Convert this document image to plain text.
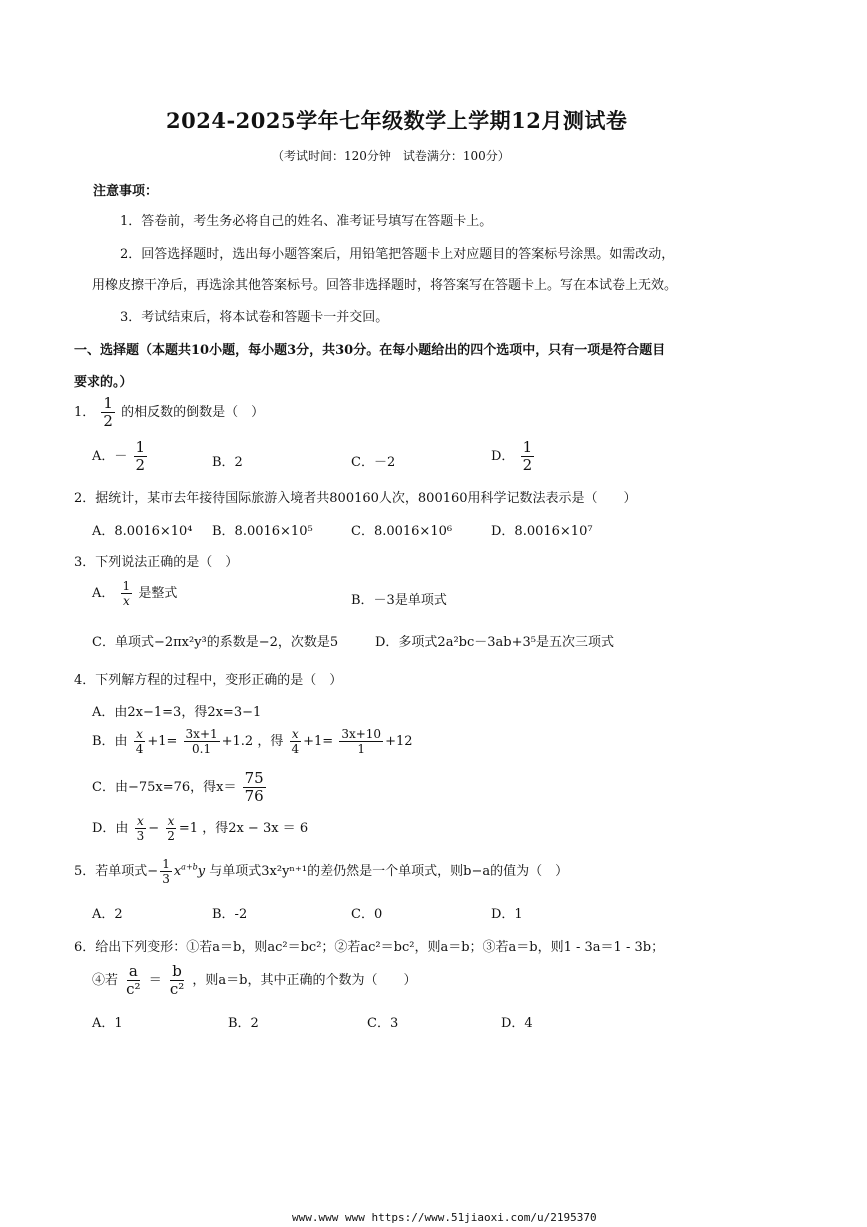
2024-2025学年七年级数学上学期12月测试卷
（考试时间：120分钟　试卷满分：100分）
注意事项：
1．答卷前，考生务必将自己的姓名、准考证号填写在答题卡上。
2．回答选择题时，选出每小题答案后，用铅笔把答题卡上对应题目的答案标号涂黑。如需改动，
用橡皮擦干净后，再选涂其他答案标号。回答非选择题时，将答案写在答题卡上。写在本试卷上无效。
3．考试结束后，将本试卷和答题卡一并交回。
一、选择题（本题共10小题，每小题3分，共30分。在每小题给出的四个选项中，只有一项是符合题目
要求的。）
1． $\frac{1}{2}$ 的相反数的倒数是（　）
A．－ $\frac{1}{2}$	B．2	C．－2	D． $\frac{1}{2}$
2．据统计，某市去年接待国际旅游入境者共800160人次，800160用科学记数法表示是（　　）
A．8.0016×10⁴ B．8.0016×10⁵	C．8.0016×10⁶	D．8.0016×10⁷
3．下列说法正确的是（　）
A． $\frac{1}{x}$ 是整式	B．－3是单项式
C．单项式−2πx²y³的系数是−2，次数是5	D．多项式2a²bc－3ab+3⁵是五次三项式
4．下列解方程的过程中，变形正确的是（　）
A．由2x−1=3，得2x=3−1
B．由 $\frac{x}{4} +1= \frac{3x+1}{0.1} +1.2$ ，得 $\frac{x}{4} +1= \frac{3x+10}{1} +12$
C．由−75x=76，得$x= \frac{75}{76}$
D．由 $\frac{x}{3} - \frac{x}{2} =1$ ，得2x − 3x ＝ 6
5．若单项式− $\frac{1}{3} x^{a+b}y$ 与单项式3x²yⁿ⁺¹的差仍然是一个单项式，则b−a的值为（　）
A．2	B．-2	C．0	D．1
6．给出下列变形：①若a＝b，则ac²＝bc²；②若ac²＝bc²，则a＝b；③若a＝b，则1 - 3a＝1 - 3b；
④若 $\frac{a}{\text{c²}} = \frac{b}{\text{c²}}$ ，则a＝b，其中正确的个数为（　　）
A．1	B．2	C．3	D．4
www.www www https://www.51jiaoxi.com/u/2195370
